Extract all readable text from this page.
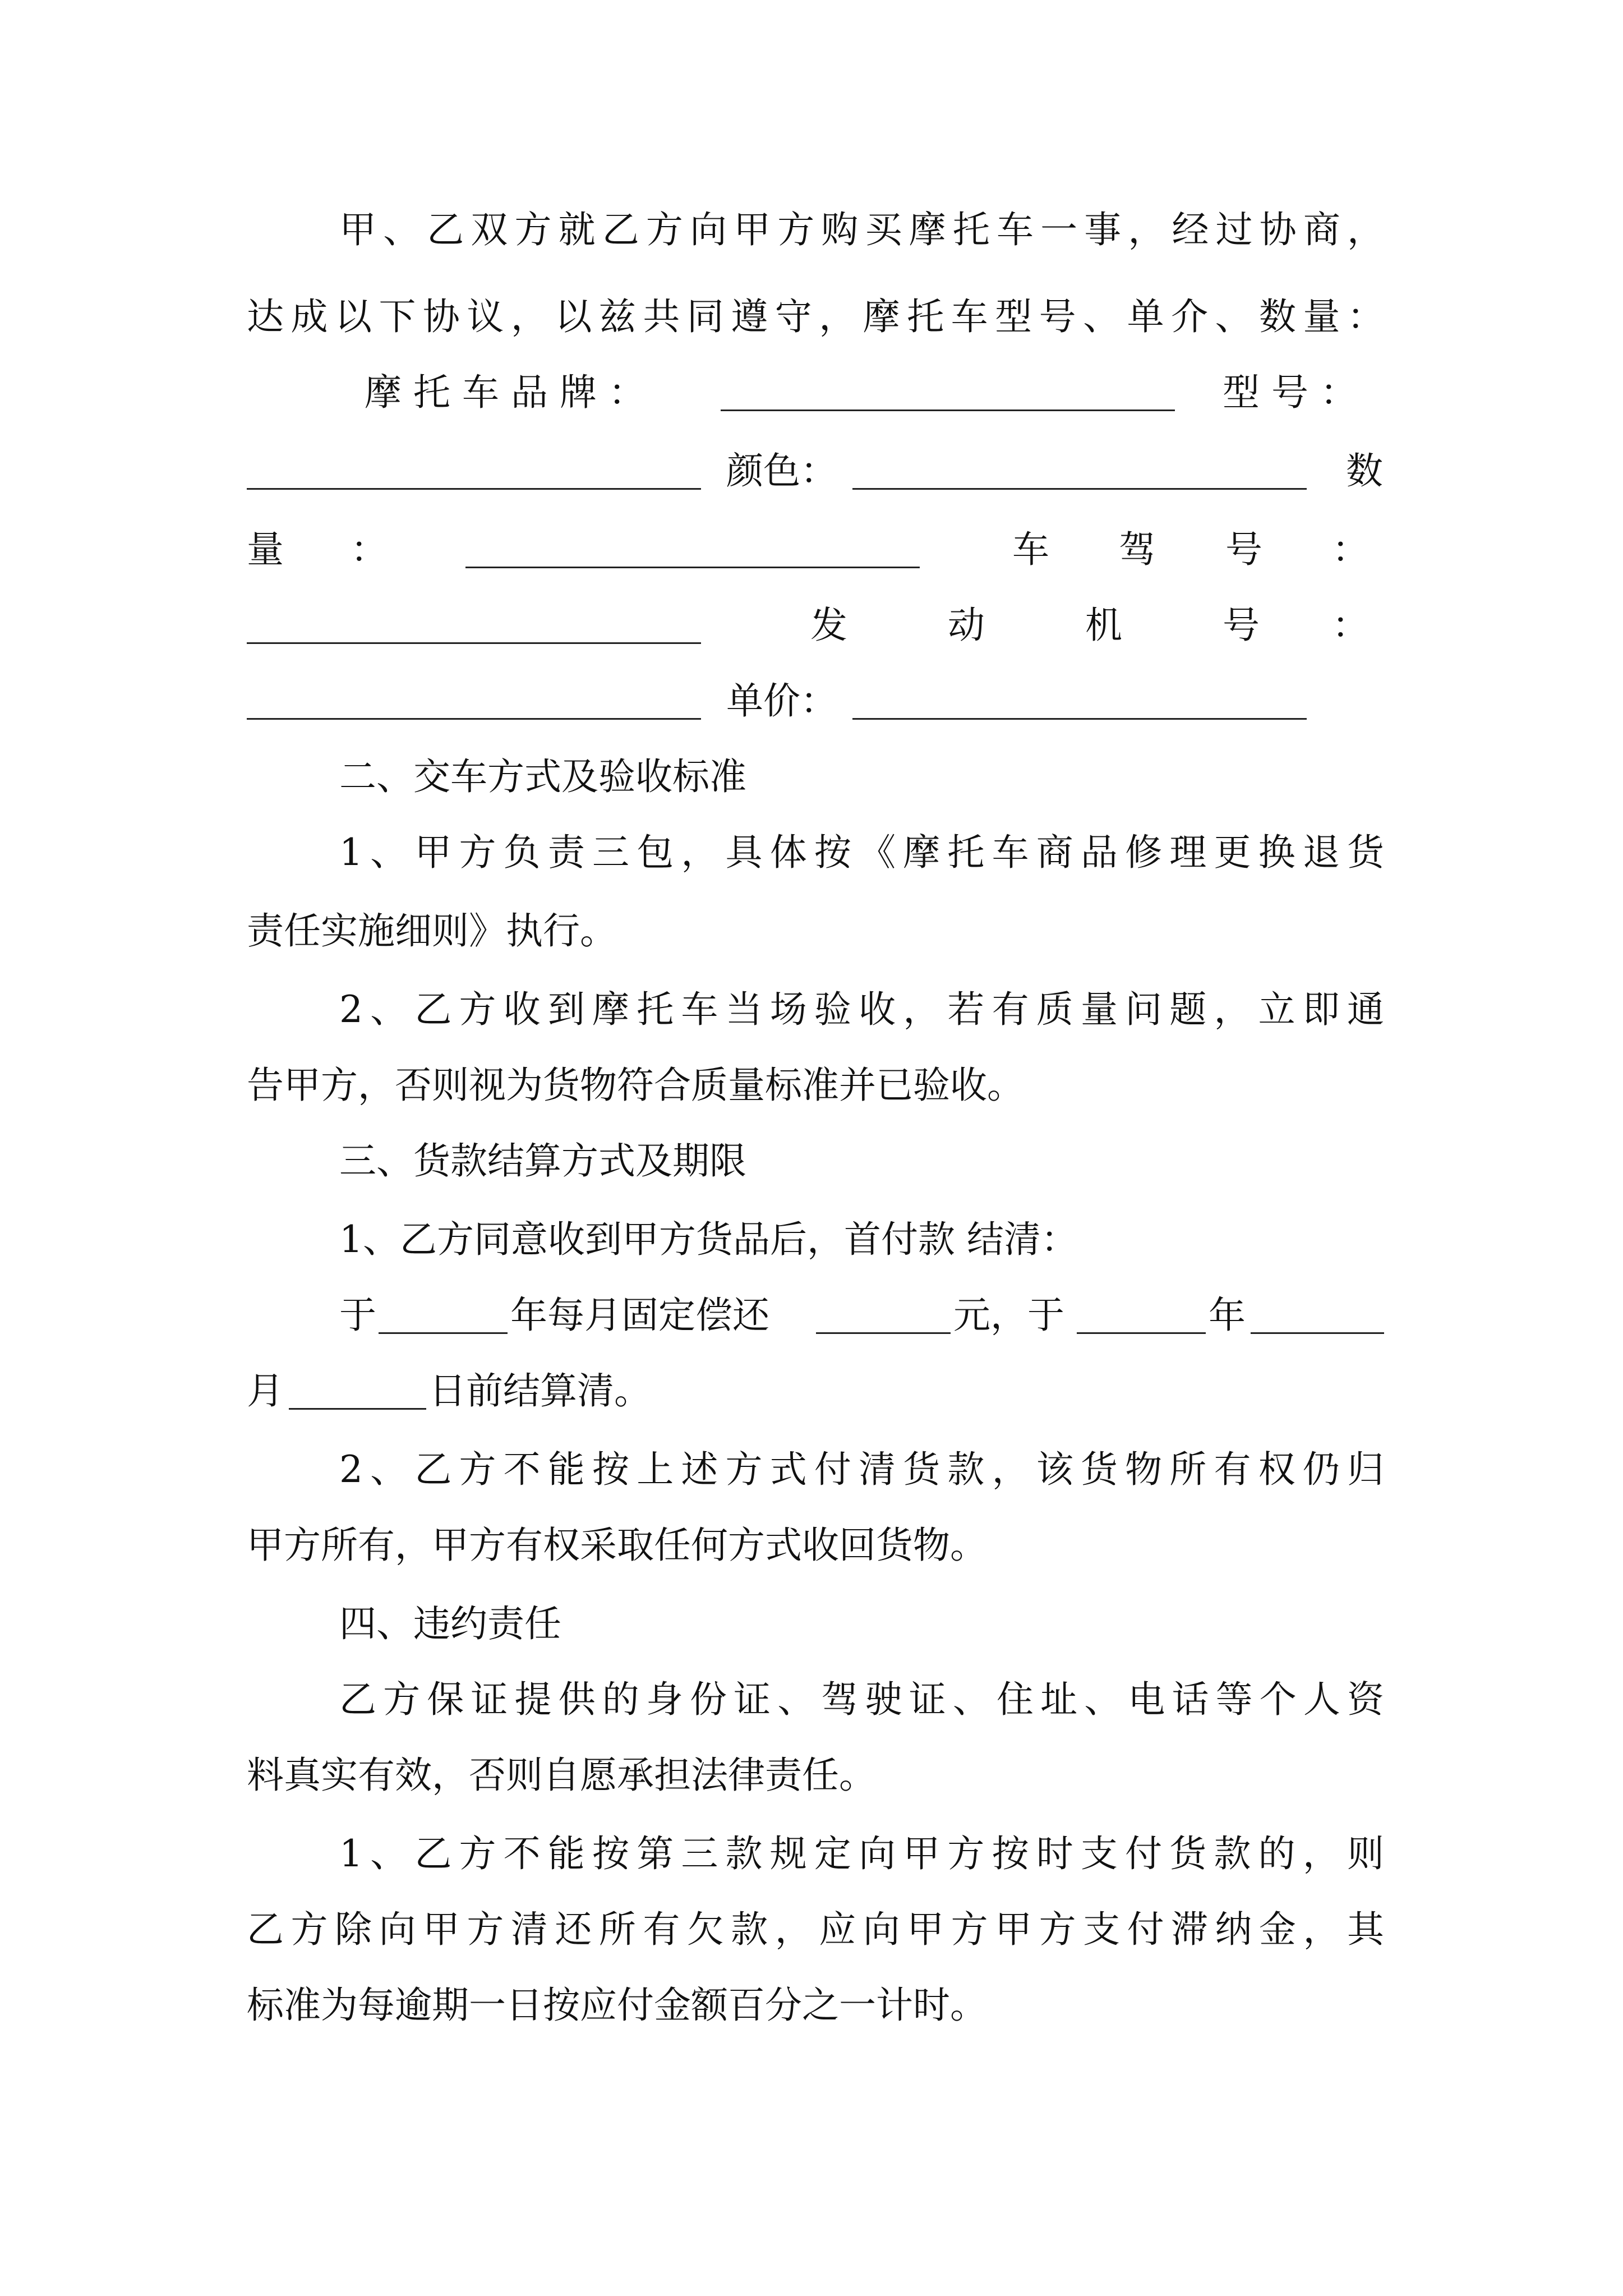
甲、乙双方就乙方向甲方购买摩托车一事，经过协商，
达成以下协议，以兹共同遵守，摩托车型号、单介、数量：
摩 托 车 品 牌 ：	型 号 ：
颜色：	数
量 ：	车 驾 号 ：
发	动	机	号 ：
单价：
二、交车方式及验收标准
1、甲方负责三包，具体按《摩托车商品修理更换退货
责任实施细则》执行。
2、乙方收到摩托车当场验收，若有质量问题，立即通
告甲方，否则视为货物符合质量标准并已验收。
三、货款结算方式及期限
1、乙方同意收到甲方货品后，首付款 结清：
于	年每月固定偿还	元，于	年
月	日前结算清。
2、乙方不能按上述方式付清货款，该货物所有权仍归
甲方所有，甲方有权采取任何方式收回货物。
四、违约责任
乙方保证提供的身份证、驾驶证、住址、电话等个人资
料真实有效，否则自愿承担法律责任。
1、乙方不能按第三款规定向甲方按时支付货款的，则
乙方除向甲方清还所有欠款，应向甲方甲方支付滞纳金，其
标准为每逾期一日按应付金额百分之一计时。
